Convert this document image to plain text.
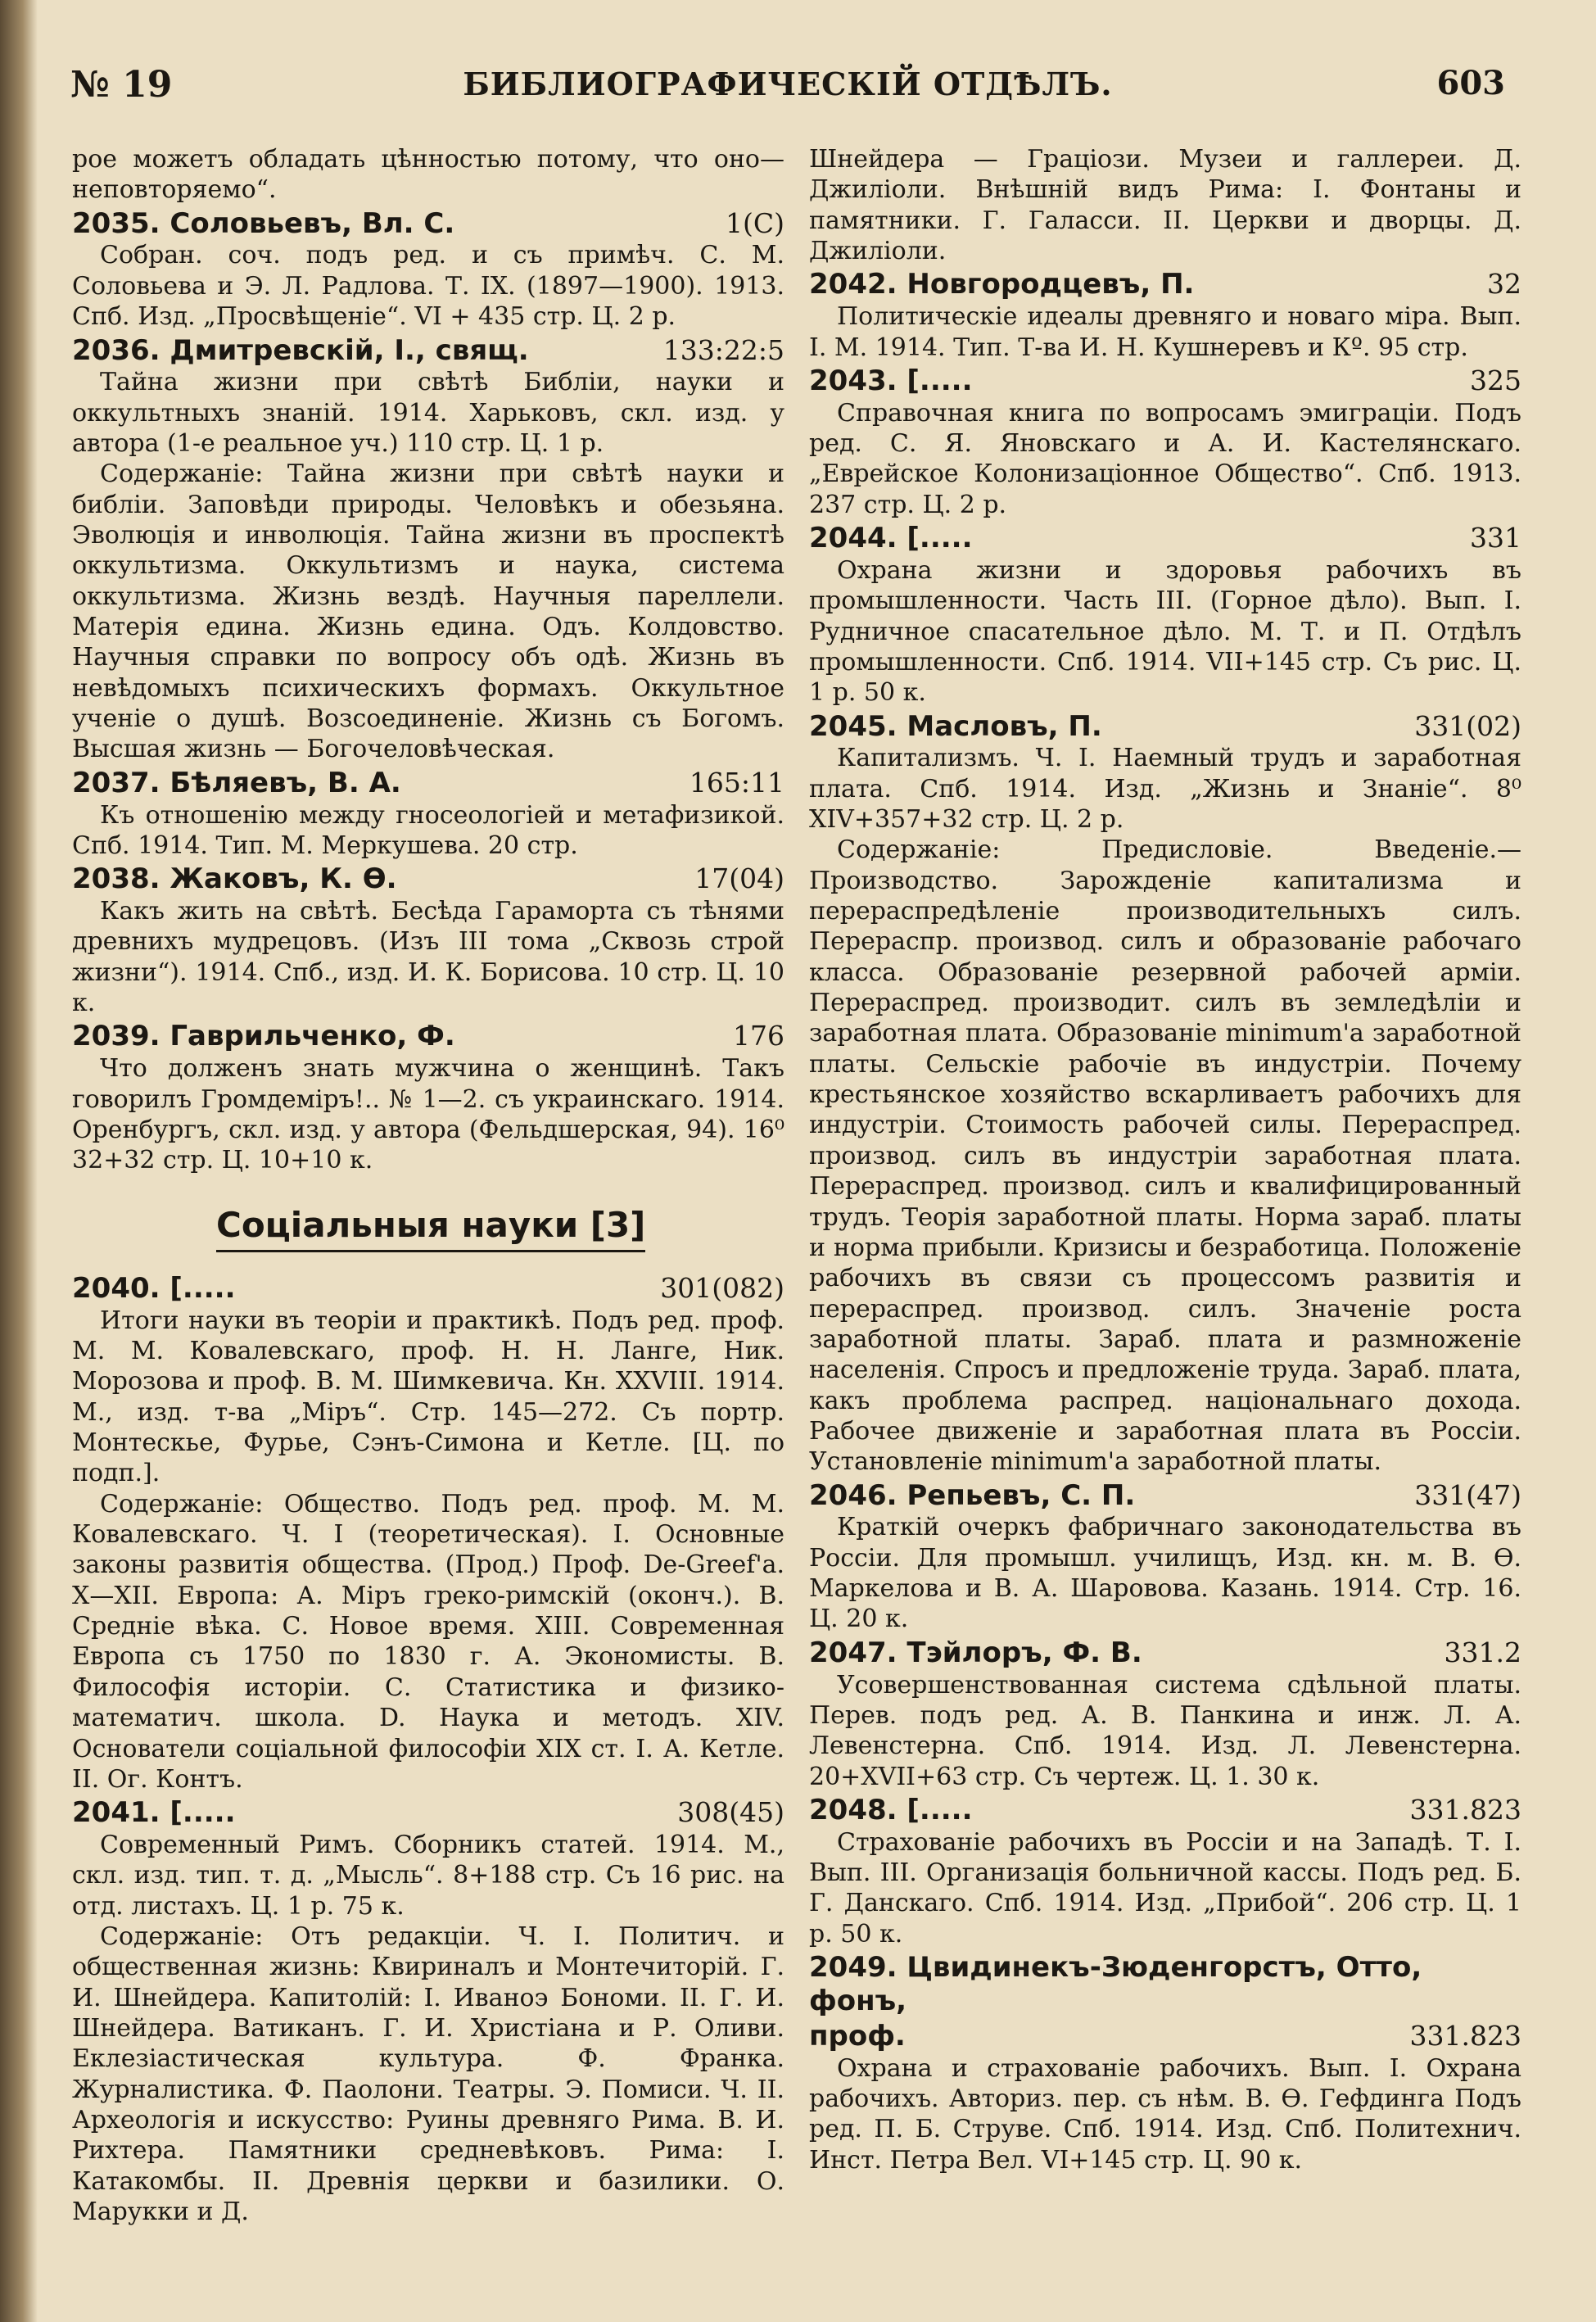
№ 19	БИБЛИОГРАФИЧЕСКІЙ ОТДѢЛЪ.	603
рое можетъ обладать цѣнностью потому, что оно—неповторяемо“.
2035. Соловьевъ, Вл. С.	1(С)
Собран. соч. подъ ред. и съ примѣч. С. М. Соловьева и Э. Л. Радлова. Т. IX. (1897—1900). 1913. Спб. Изд. „Просвѣщеніе“. VI + 435 стр. Ц. 2 р.
2036. Дмитревскій, І., свящ.	133:22:5
Тайна жизни при свѣтѣ Библіи, науки и оккультныхъ знаній. 1914. Харьковъ, скл. изд. у автора (1-е реальное уч.) 110 стр. Ц. 1 р.
Содержаніе: Тайна жизни при свѣтѣ науки и библіи. Заповѣди природы. Человѣкъ и обезьяна. Эволюція и инволюція. Тайна жизни въ проспектѣ оккультизма. Оккультизмъ и наука, система оккультизма. Жизнь вездѣ. Научныя пареллели. Матерія едина. Жизнь едина. Одъ. Колдовство. Научныя справки по вопросу объ одѣ. Жизнь въ невѣдомыхъ психическихъ формахъ. Оккультное ученіе о душѣ. Возсоединеніе. Жизнь съ Богомъ. Высшая жизнь — Богочеловѣческая.
2037. Бѣляевъ, В. А.	165:11
Къ отношенію между гносеологіей и метафизикой. Спб. 1914. Тип. М. Меркушева. 20 стр.
2038. Жаковъ, К. Ѳ.	17(04)
Какъ жить на свѣтѣ. Бесѣда Гараморта съ тѣнями древнихъ мудрецовъ. (Изъ III тома „Сквозь строй жизни“). 1914. Спб., изд. И. К. Борисова. 10 стр. Ц. 10 к.
2039. Гаврильченко, Ф.	176
Что долженъ знать мужчина о женщинѣ. Такъ говорилъ Громдеміръ!.. № 1—2. съ украинскаго. 1914. Оренбургъ, скл. изд. у автора (Фельдшерская, 94). 16⁰ 32+32 стр. Ц. 10+10 к.
Соціальныя науки [3]
2040. [.....	301(082)
Итоги науки въ теоріи и практикѣ. Подъ ред. проф. М. М. Ковалевскаго, проф. Н. Н. Ланге, Ник. Морозова и проф. В. М. Шимкевича. Кн. XXVIII. 1914. М., изд. т-ва „Міръ“. Стр. 145—272. Съ портр. Монтескье, Фурье, Сэнъ-Симона и Кетле. [Ц. по подп.].
Содержаніе: Общество. Подъ ред. проф. М. М. Ковалевскаго. Ч. I (теоретическая). I. Основные законы развитія общества. (Прод.) Проф. De-Greef'а. X—XII. Европа: А. Міръ греко-римскій (оконч.). В. Средніе вѣка. С. Новое время. XIII. Современная Европа съ 1750 по 1830 г. А. Экономисты. В. Философія исторіи. С. Статистика и физико-математич. школа. D. Наука и методъ. XIV. Основатели соціальной философіи XIX ст. I. А. Кетле. II. Ог. Контъ.
2041. [.....	308(45)
Современный Римъ. Сборникъ статей. 1914. М., скл. изд. тип. т. д. „Мысль“. 8+188 стр. Съ 16 рис. на отд. листахъ. Ц. 1 р. 75 к.
Содержаніе: Отъ редакціи. Ч. I. Политич. и общественная жизнь: Квириналъ и Монтечиторій. Г. И. Шнейдера. Капитолій: I. Иваноэ Бономи. II. Г. И. Шнейдера. Ватиканъ. Г. И. Христіана и Р. Оливи. Еклезіастическая культура. Ф. Франка. Журналистика. Ф. Паолони. Театры. Э. Помиси. Ч. II. Археологія и искусство: Руины древняго Рима. В. И. Рихтера. Памятники средневѣковъ. Рима: I. Катакомбы. II. Древнія церкви и базилики. О. Марукки и Д.
Шнейдера — Граціози. Музеи и галлереи. Д. Джиліоли. Внѣшній видъ Рима: I. Фонтаны и памятники. Г. Галасси. II. Церкви и дворцы. Д. Джиліоли.
2042. Новгородцевъ, П.	32
Политическіе идеалы древняго и новаго міра. Вып. I. М. 1914. Тип. Т-ва И. Н. Кушнеревъ и Кº. 95 стр.
2043. [.....	325
Справочная книга по вопросамъ эмиграціи. Подъ ред. С. Я. Яновскаго и А. И. Кастелянскаго. „Еврейское Колонизаціонное Общество“. Спб. 1913. 237 стр. Ц. 2 р.
2044. [.....	331
Охрана жизни и здоровья рабочихъ въ промышленности. Часть III. (Горное дѣло). Вып. I. Рудничное спасательное дѣло. М. Т. и П. Отдѣлъ промышленности. Спб. 1914. VII+145 стр. Съ рис. Ц. 1 р. 50 к.
2045. Масловъ, П.	331(02)
Капитализмъ. Ч. I. Наемный трудъ и заработная плата. Спб. 1914. Изд. „Жизнь и Знаніе“. 8⁰ XIV+357+32 стр. Ц. 2 р.
Содержаніе: Предисловіе. Введеніе.— Производство. Зарожденіе капитализма и перераспредѣленіе производительныхъ силъ. Перераспр. производ. силъ и образованіе рабочаго класса. Образованіе резервной рабочей арміи. Перераспред. производит. силъ въ земледѣліи и заработная плата. Образованіе minimum'а заработной платы. Сельскіе рабочіе въ индустріи. Почему крестьянское хозяйство вскарливаетъ рабочихъ для индустріи. Стоимость рабочей силы. Перераспред. производ. силъ въ индустріи заработная плата. Перераспред. производ. силъ и квалифицированный трудъ. Теорія заработной платы. Норма зараб. платы и норма прибыли. Кризисы и безработица. Положеніе рабочихъ въ связи съ процессомъ развитія и перераспред. производ. силъ. Значеніе роста заработной платы. Зараб. плата и размноженіе населенія. Спросъ и предложеніе труда. Зараб. плата, какъ проблема распред. національнаго дохода. Рабочее движеніе и заработная плата въ Россіи. Установленіе minimum'а заработной платы.
2046. Репьевъ, С. П.	331(47)
Краткій очеркъ фабричнаго законодательства въ Россіи. Для промышл. училищъ, Изд. кн. м. В. Ѳ. Маркелова и В. А. Шаровова. Казань. 1914. Стр. 16. Ц. 20 к.
2047. Тэйлоръ, Ф. В.	331.2
Усовершенствованная система сдѣльной платы. Перев. подъ ред. А. В. Панкина и инж. Л. А. Левенстерна. Спб. 1914. Изд. Л. Левенстерна. 20+XVII+63 стр. Съ чертеж. Ц. 1. 30 к.
2048. [.....	331.823
Страхованіе рабочихъ въ Россіи и на Западѣ. Т. I. Вып. III. Организація больничной кассы. Подъ ред. Б. Г. Данскаго. Спб. 1914. Изд. „Прибой“. 206 стр. Ц. 1 р. 50 к.
2049. Цвидинекъ-Зюденгорстъ, Отто, фонъ,
проф.	331.823
Охрана и страхованіе рабочихъ. Вып. I. Охрана рабочихъ. Авториз. пер. съ нѣм. В. Ѳ. Гефдинга Подъ ред. П. Б. Струве. Спб. 1914. Изд. Спб. Политехнич. Инст. Петра Вел. VI+145 стр. Ц. 90 к.
